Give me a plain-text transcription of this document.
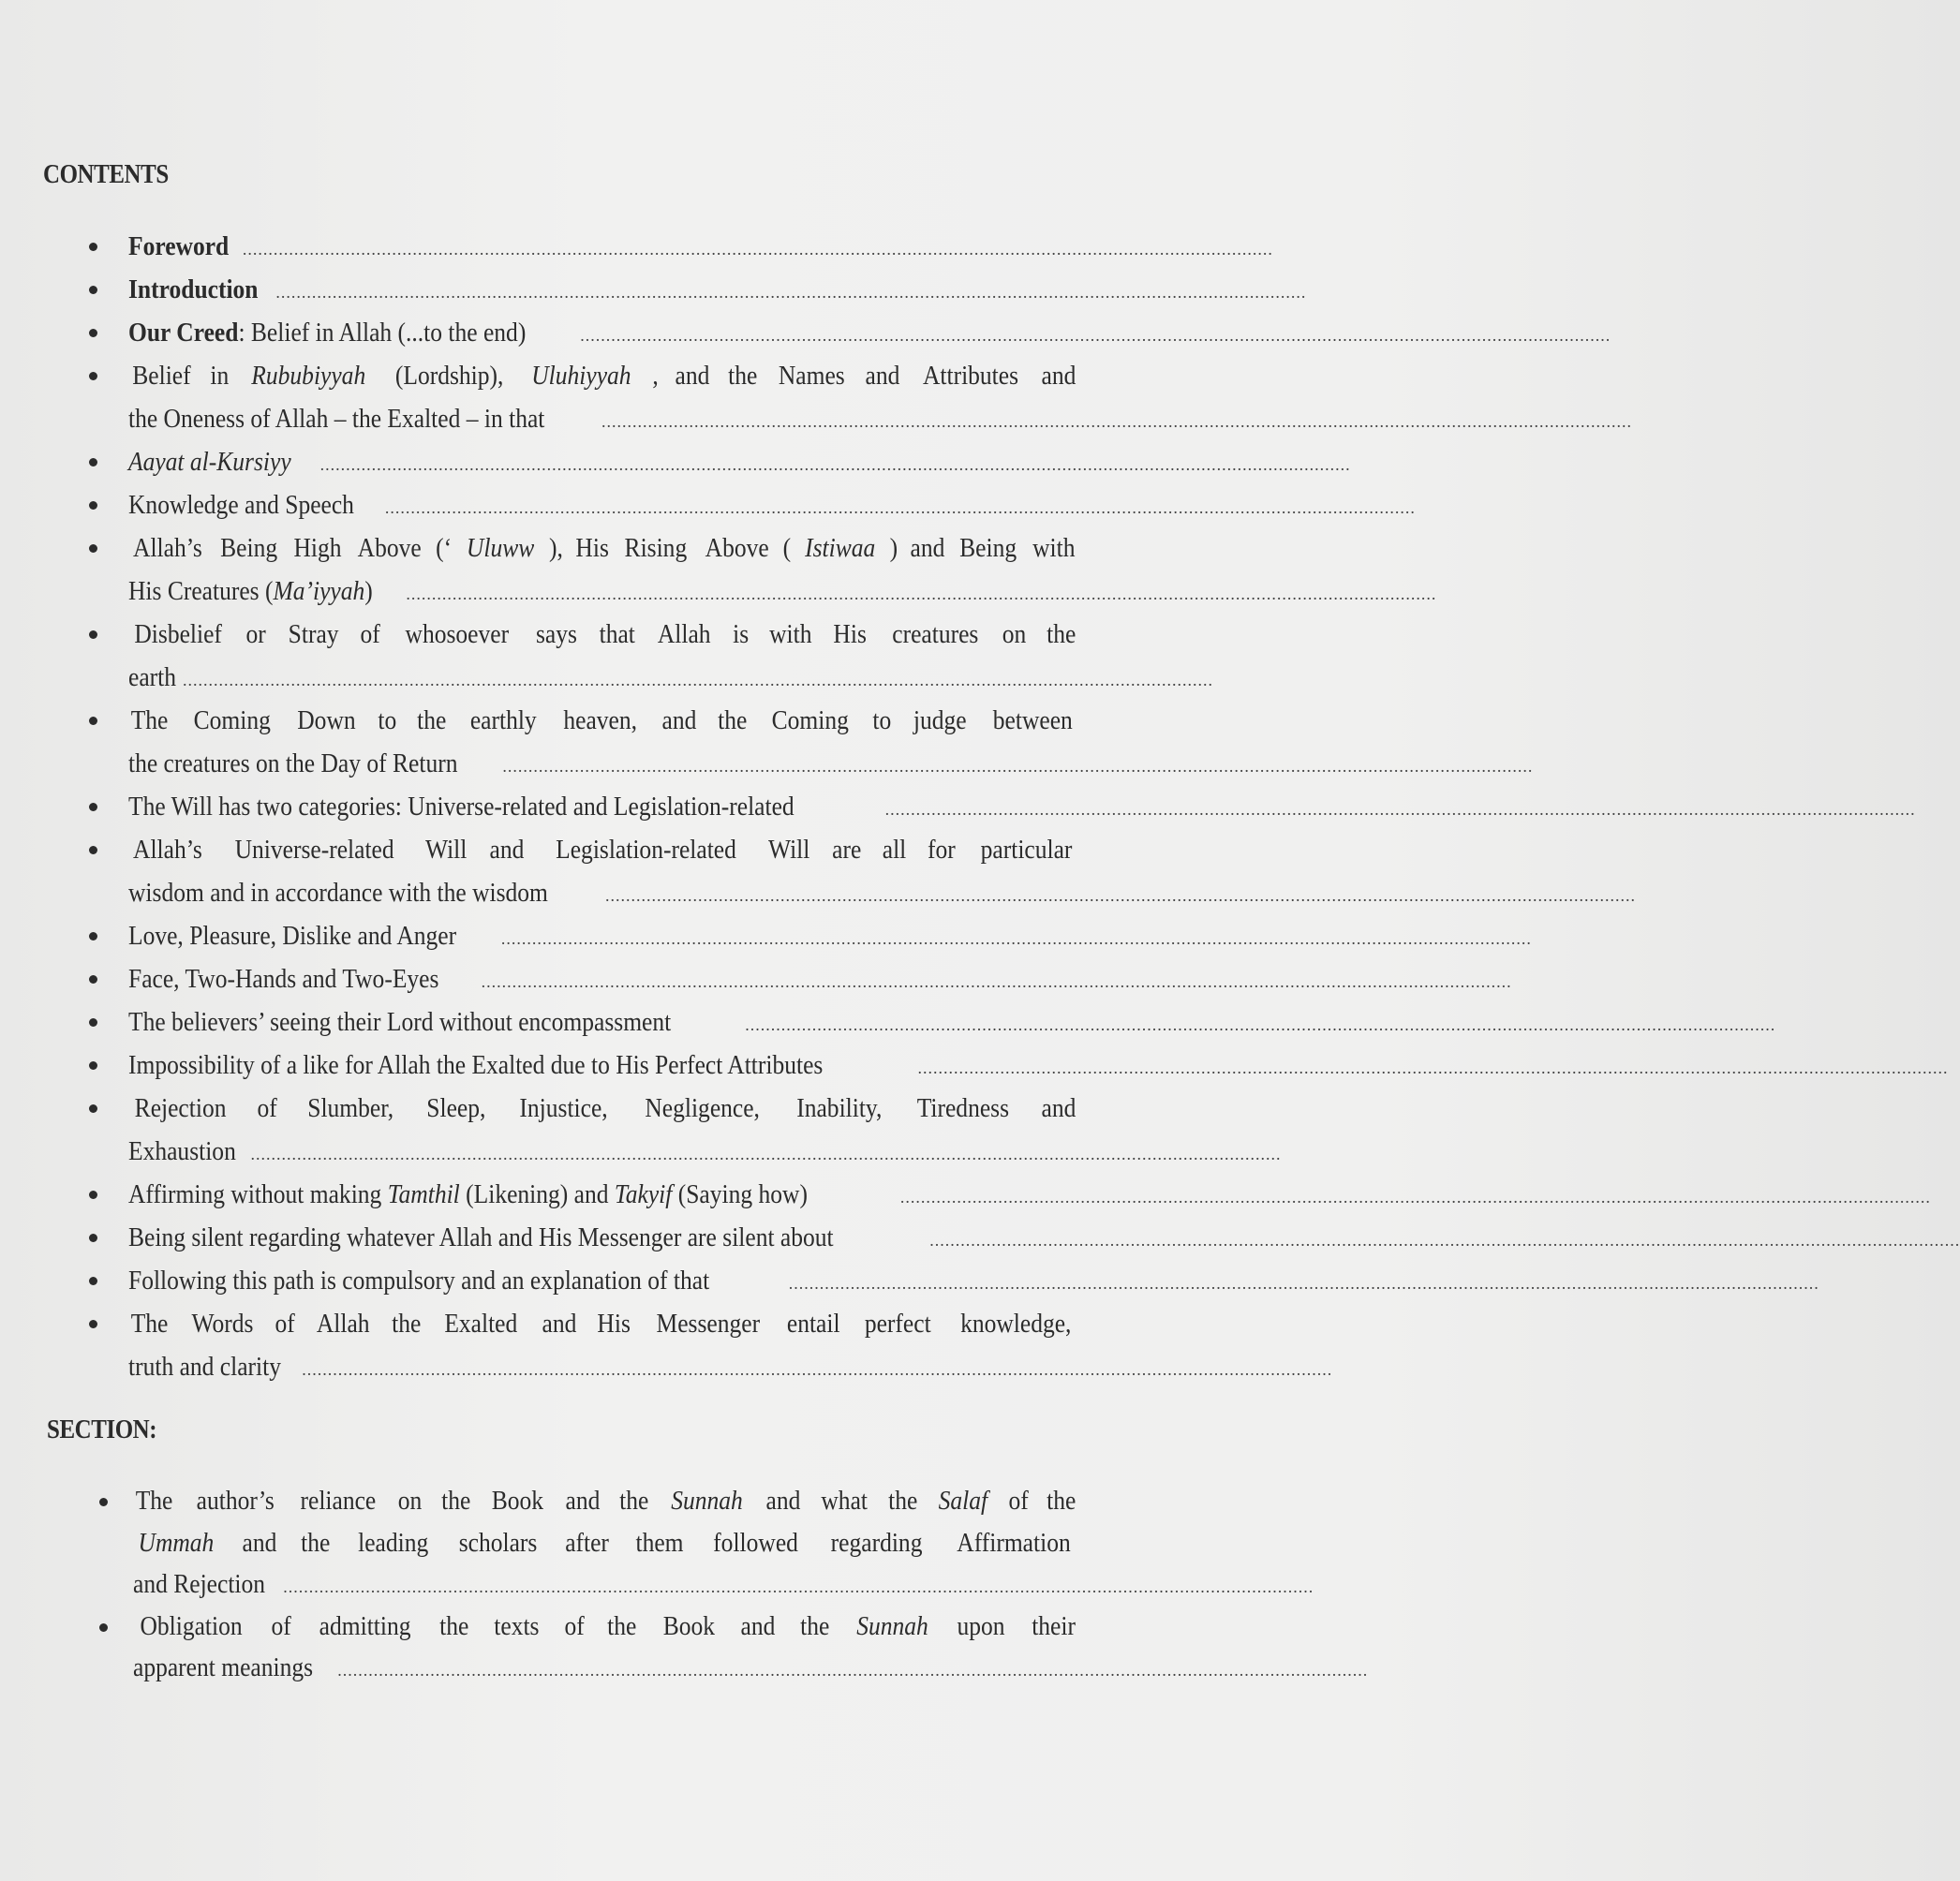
CONTENTS
Foreword ........................................................................................................................................................................................................
Introduction	........................................................................................................................................................................................................
Our Creed: Belief in Allah (...to the end)	........................................................................................................................................................................................................
Belief in Rububiyyah (Lordship), Uluhiyyah , and the Names and Attributes and
the Oneness of Allah – the Exalted – in that	........................................................................................................................................................................................................
Aayat al-Kursiyy	........................................................................................................................................................................................................
Knowledge and Speech	........................................................................................................................................................................................................
Allah’s Being High Above (‘ Uluww ), His Rising Above ( Istiwaa ) and Being with
His Creatures (Ma’iyyah)	........................................................................................................................................................................................................
Disbelief or Stray of whosoever says that Allah is with His creatures on the
earth ........................................................................................................................................................................................................
The Coming Down to the earthly heaven, and the Coming to judge between
the creatures on the Day of Return	........................................................................................................................................................................................................
The Will has two categories: Universe-related and Legislation-related	........................................................................................................................................................................................................
Allah’s Universe-related Will and Legislation-related Will are all for particular
wisdom and in accordance with the wisdom	........................................................................................................................................................................................................
Love, Pleasure, Dislike and Anger	........................................................................................................................................................................................................
Face, Two-Hands and Two-Eyes	........................................................................................................................................................................................................
The believers’ seeing their Lord without encompassment	........................................................................................................................................................................................................
Impossibility of a like for Allah the Exalted due to His Perfect Attributes	........................................................................................................................................................................................................
Rejection of Slumber, Sleep, Injustice, Negligence, Inability, Tiredness and
Exhaustion ........................................................................................................................................................................................................
Affirming without making Tamthil (Likening) and Takyif (Saying how)	........................................................................................................................................................................................................
Being silent regarding whatever Allah and His Messenger are silent about	........................................................................................................................................................................................................
Following this path is compulsory and an explanation of that	........................................................................................................................................................................................................
The Words of Allah the Exalted and His Messenger entail perfect knowledge,
truth and clarity	........................................................................................................................................................................................................
SECTION:
The author’s reliance on the Book and the Sunnah and what the Salaf of the
Ummah and the leading scholars after them followed regarding Affirmation
and Rejection	........................................................................................................................................................................................................
Obligation of admitting the texts of the Book and the Sunnah upon their
apparent meanings	........................................................................................................................................................................................................
